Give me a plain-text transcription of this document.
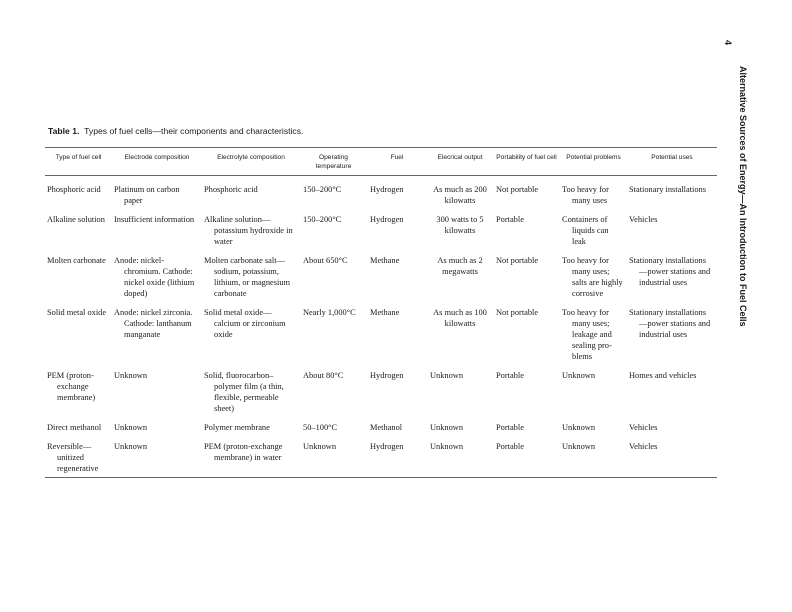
4
Alternative Sources of Energy—An Introduction to Fuel Cells
Table 1. Types of fuel cells—their components and characteristics.
Type of fuel cell	Electrode composition	Electrolyte composition	Operating temperature	Fuel	Elecrical output	Portability of fuel cell	Potential problems	Potential uses
Phosphoric acid	Platinum on carbon paper	Phosphoric acid	150–200°C	Hydrogen	As much as 200 kilowatts	Not portable	Too heavy for many uses	Stationary installations
Alkaline solution	Insufficient information	Alkaline solution—potassium hydroxide in water	150–200°C	Hydrogen	300 watts to 5 kilowatts	Portable	Containers of liquids can leak	Vehicles
Molten carbonate	Anode: nickel-chromium. Cathode: nickel oxide (lithium doped)	Molten carbonate salt—sodium, potassium, lithium, or magnesium carbonate	About 650°C	Methane	As much as 2 megawatts	Not portable	Too heavy for many uses; salts are highly corrosive	Stationary installations—power stations and industrial uses
Solid metal oxide	Anode: nickel zirconia. Cathode: lanthanum manganate	Solid metal oxide—calcium or zirconium oxide	Nearly 1,000°C	Methane	As much as 100 kilowatts	Not portable	Too heavy for many uses; leakage and sealing pro-blems	Stationary installations—power stations and industrial uses
PEM (proton-exchange membrane)	Unknown	Solid, fluorocarbon–polymer film (a thin, flexible, permeable sheet)	About 80°C	Hydrogen	Unknown	Portable	Unknown	Homes and vehicles
Direct methanol	Unknown	Polymer membrane	50–100°C	Methanol	Unknown	Portable	Unknown	Vehicles
Reversible—unitized regenerative	Unknown	PEM (proton-exchange membrane) in water	Unknown	Hydrogen	Unknown	Portable	Unknown	Vehicles
